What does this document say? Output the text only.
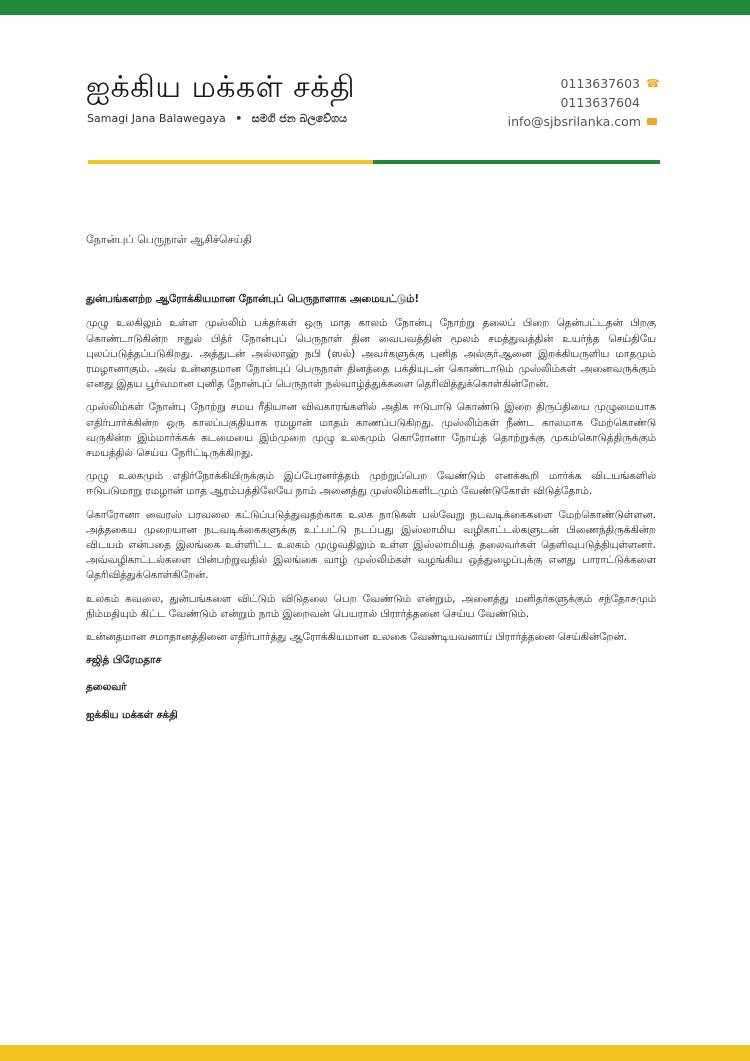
ஐக்கிய மக்கள் சக்தி
Samagi Jana Balawegaya • සමගි ජන බලවේගය
0113637603 ☎
0113637604
info@sjbsrilanka.com
நோன்புப் பெருநாள் ஆசிச்செய்தி
துன்பங்களற்ற ஆரோக்கியமான நோன்புப் பெருநாளாக அமையட்டும்!

முழு உலகிலும் உள்ள முஸ்லிம் பக்தர்கள் ஒரு மாத காலம் நோன்பு நோற்று தலைப் பிறை தென்பட்டதன் பிறகு கொண்டாடுகின்ற ஈதுல் பித்ர் நோன்புப் பெருநாள் தின வைபவத்தின் மூலம் சமத்துவத்தின் உயர்ந்த செய்தியே புலப்படுத்தப்படுகிறது. அத்துடன் அல்லாஹ் நபி (ஸல்) அவர்களுக்கு புனித அல்குர்ஆனை இறக்கியருளிய மாதமும் ரமழானாகும். அவ் உன்னதமான நோன்புப் பெருநாள் தினத்தை பக்தியுடன் கொண்டாடும் முஸ்லிம்கள் அனைவருக்கும் எனது இதய பூர்வமான புனித நோன்புப் பெருநாள் நல்வாழ்த்துக்களை தெரிவித்துக்கொள்கின்றேன்.

முஸ்லிம்கள் நோன்பு நோற்று சமய ரீதியான விவகாரங்களில் அதிக ஈடுபாடு கொண்டு இறை திருப்தியை முழுமையாக எதிர்பார்க்கின்ற ஒரு காலப்பகுதியாக ரமழான் மாதம் காணப்படுகிறது. முஸ்லிம்கள் நீண்ட காலமாக மேற்கொண்டு வருகின்ற இம்மார்க்கக் கடமையை இம்முறை முழு உலகமும் கொரோனா நோய்த் தொற்றுக்கு முகம்கொடுத்திருக்கும் சமயத்தில் செய்ய நேரிட்டிருக்கிறது.

முழு உலகமும் எதிர்நோக்கியிருக்கும் இப்பேரனர்த்தம் முற்றுப்பெற வேண்டும் எனக்கூறி மார்க்க விடயங்களில் ஈடுபடுமாறு ரமழான் மாத ஆரம்பத்திலேயே நாம் அனைத்து முஸ்லிம்களிடமும் வேண்டுகோள் விடுத்தோம்.

கொரோனா வைரஸ் பரவலை கட்டுப்படுத்துவதற்காக உலக நாடுகள் பல்வேறு நடவடிக்கைகளை மேற்கொண்டுள்ளன. அத்தகைய முறையான நடவடிக்கைகளுக்கு உட்பட்டு நடப்பது இஸ்லாமிய வழிகாட்டல்களுடன் பிணைந்திருக்கின்ற விடயம் என்பதை இலங்கை உள்ளிட்ட உலகம் முழுவதிலும் உள்ள இஸ்லாமியத் தலைவர்கள் தெளிவுபடுத்தியுள்ளனர். அவ்வழிகாட்டல்களை பின்பற்றுவதில் இலங்கை வாழ் முஸ்லிம்கள் வழங்கிய ஒத்துழைப்புக்கு எனது பாராட்டுக்களை தெரிவித்துக்கொள்கிறேன்.

உலகம் கவலை, துன்பங்களை விட்டும் விடுதலை பெற வேண்டும் என்றும், அனைத்து மனிதர்களுக்கும் சந்தோசமும் நிம்மதியும் கிட்ட வேண்டும் என்றும் நாம் இறைவன் பெயரால் பிரார்த்தனை செய்ய வேண்டும்.

உன்னதமான சமாதானத்தினை எதிர்பார்த்து ஆரோக்கியமான உலகை வேண்டியவனாய் பிரார்த்தனை செய்கின்றேன்.

சஜித் பிரேமதாச
தலைவர்
ஐக்கிய மக்கள் சக்தி
